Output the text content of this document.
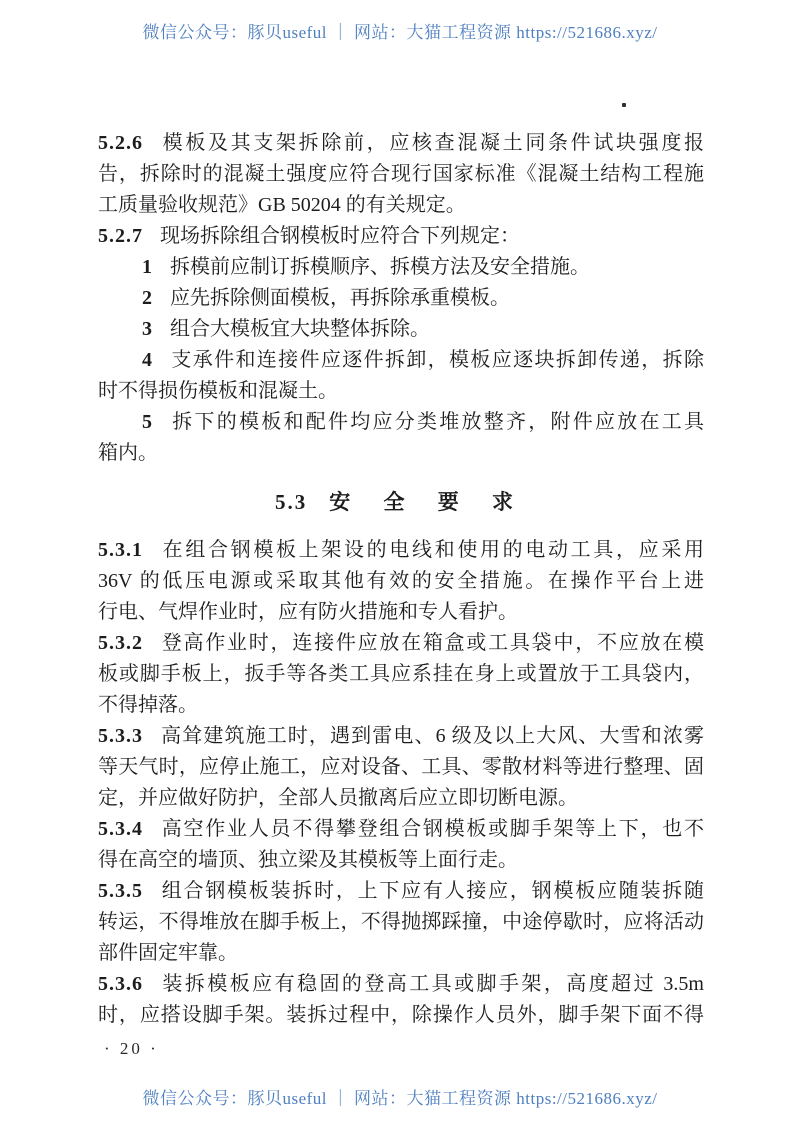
微信公众号：豚贝useful ｜ 网站：大猫工程资源 https://521686.xyz/
5.2.6 模板及其支架拆除前，应核查混凝土同条件试块强度报
告，拆除时的混凝土强度应符合现行国家标准《混凝土结构工程施
工质量验收规范》GB 50204 的有关规定。
5.2.7 现场拆除组合钢模板时应符合下列规定：
1 拆模前应制订拆模顺序、拆模方法及安全措施。
2 应先拆除侧面模板，再拆除承重模板。
3 组合大模板宜大块整体拆除。
4 支承件和连接件应逐件拆卸，模板应逐块拆卸传递，拆除
时不得损伤模板和混凝土。
5 拆下的模板和配件均应分类堆放整齐，附件应放在工具
箱内。
5.3 安 全 要 求
5.3.1 在组合钢模板上架设的电线和使用的电动工具，应采用
36V 的低压电源或采取其他有效的安全措施。在操作平台上进
行电、气焊作业时，应有防火措施和专人看护。
5.3.2 登高作业时，连接件应放在箱盒或工具袋中，不应放在模
板或脚手板上，扳手等各类工具应系挂在身上或置放于工具袋内，
不得掉落。
5.3.3 高耸建筑施工时，遇到雷电、6 级及以上大风、大雪和浓雾
等天气时，应停止施工，应对设备、工具、零散材料等进行整理、固
定，并应做好防护，全部人员撤离后应立即切断电源。
5.3.4 高空作业人员不得攀登组合钢模板或脚手架等上下，也不
得在高空的墙顶、独立梁及其模板等上面行走。
5.3.5 组合钢模板装拆时，上下应有人接应，钢模板应随装拆随
转运，不得堆放在脚手板上，不得抛掷踩撞，中途停歇时，应将活动
部件固定牢靠。
5.3.6 装拆模板应有稳固的登高工具或脚手架，高度超过 3.5m
时，应搭设脚手架。装拆过程中，除操作人员外，脚手架下面不得
· 20 ·
微信公众号：豚贝useful ｜ 网站：大猫工程资源 https://521686.xyz/
